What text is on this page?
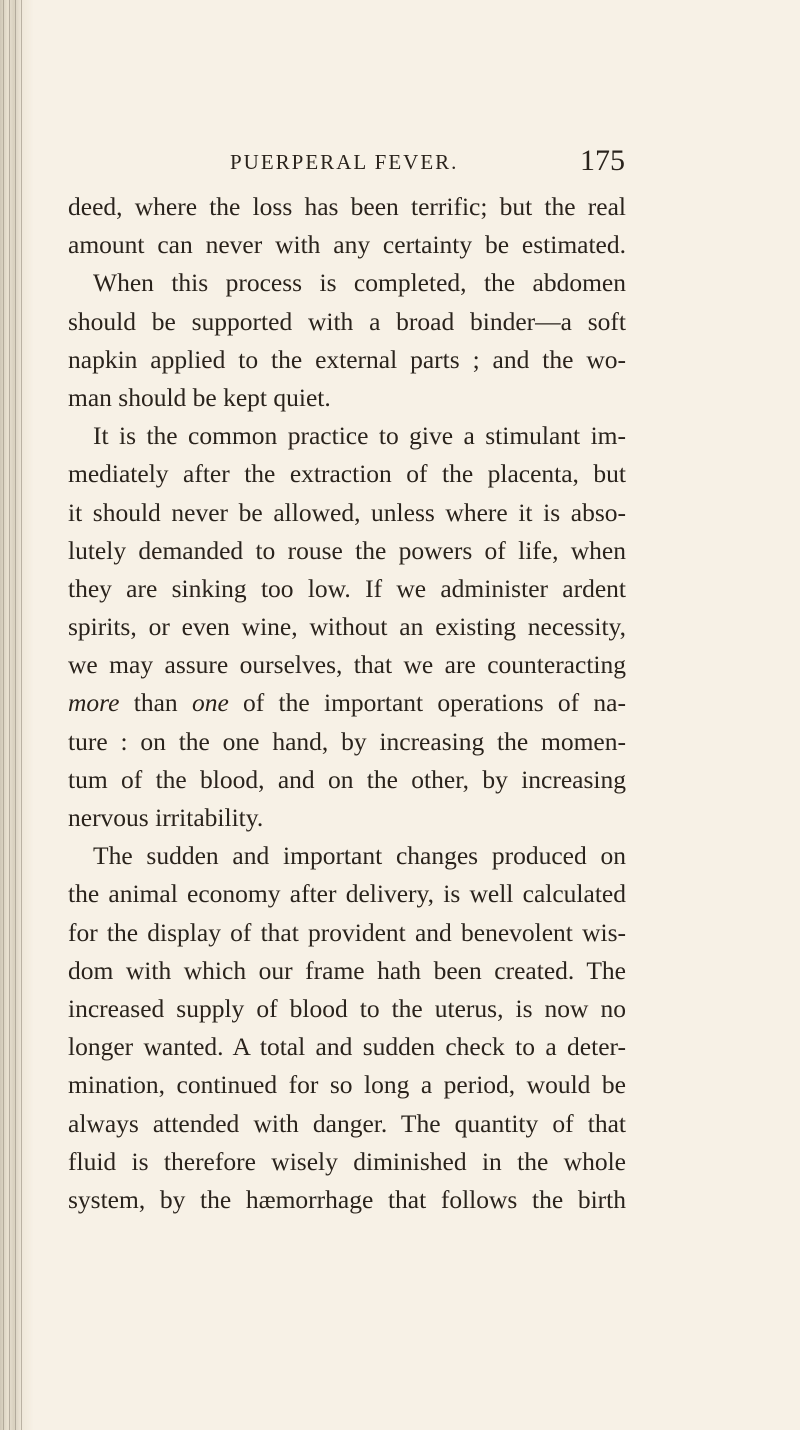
PUERPERAL FEVER.	175
deed, where the loss has been terrific; but the real
amount can never with any certainty be estimated.
When this process is completed, the abdomen
should be supported with a broad binder—a soft
napkin applied to the external parts ; and the wo-
man should be kept quiet.
It is the common practice to give a stimulant im-
mediately after the extraction of the placenta, but
it should never be allowed, unless where it is abso-
lutely demanded to rouse the powers of life, when
they are sinking too low. If we administer ardent
spirits, or even wine, without an existing necessity,
we may assure ourselves, that we are counteracting
more than one of the important operations of na-
ture : on the one hand, by increasing the momen-
tum of the blood, and on the other, by increasing
nervous irritability.
The sudden and important changes produced on
the animal economy after delivery, is well calculated
for the display of that provident and benevolent wis-
dom with which our frame hath been created. The
increased supply of blood to the uterus, is now no
longer wanted. A total and sudden check to a deter-
mination, continued for so long a period, would be
always attended with danger. The quantity of that
fluid is therefore wisely diminished in the whole
system, by the hæmorrhage that follows the birth
